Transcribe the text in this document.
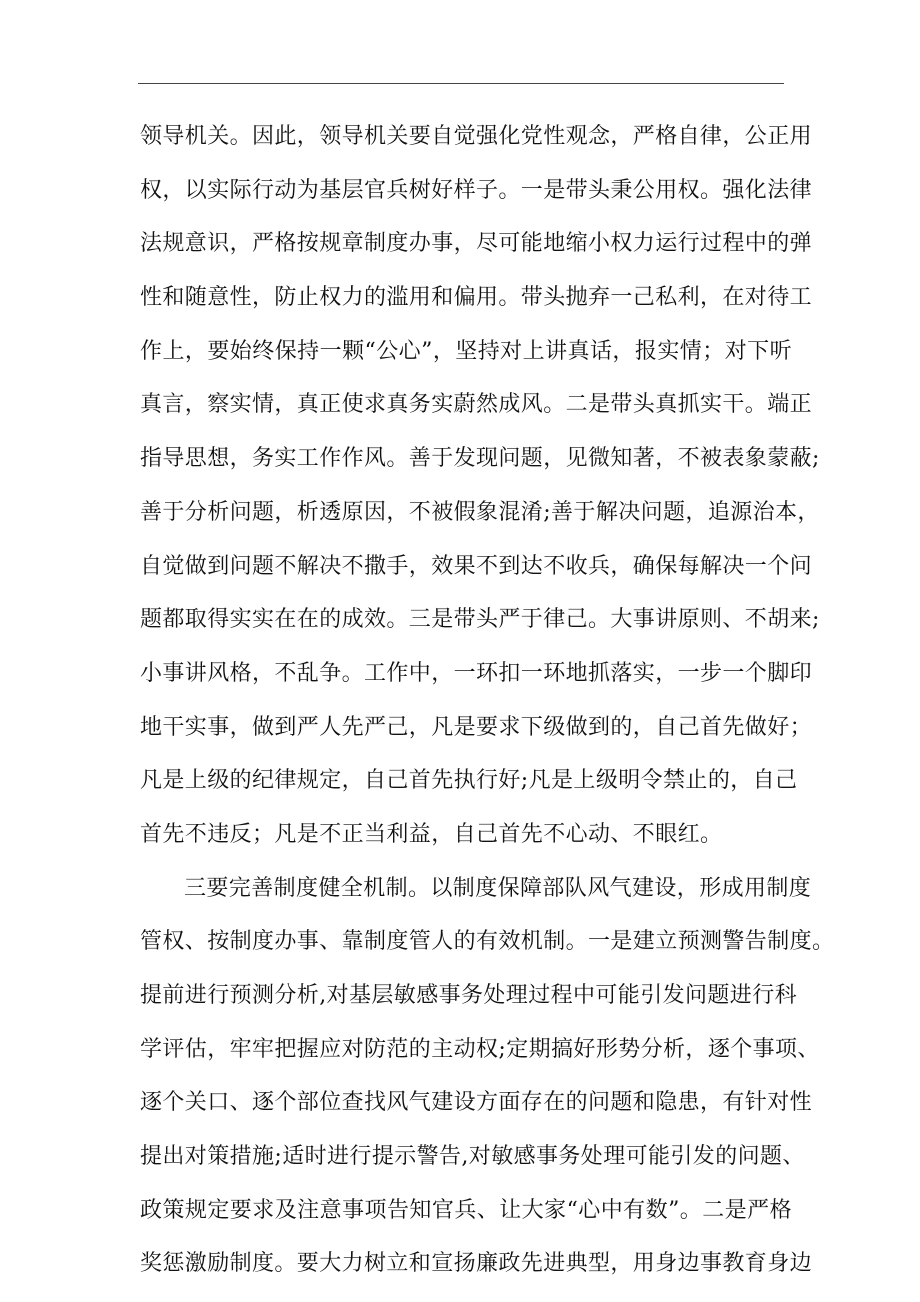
领导机关。因此，领导机关要自觉强化党性观念，严格自律，公正用
权，以实际行动为基层官兵树好样子。一是带头秉公用权。强化法律
法规意识，严格按规章制度办事，尽可能地缩小权力运行过程中的弹
性和随意性，防止权力的滥用和偏用。带头抛弃一己私利，在对待工
作上，要始终保持一颗“公心”，坚持对上讲真话，报实情；对下听
真言，察实情，真正使求真务实蔚然成风。二是带头真抓实干。端正
指导思想，务实工作作风。善于发现问题，见微知著，不被表象蒙蔽;
善于分析问题，析透原因，不被假象混淆;善于解决问题，追源治本，
自觉做到问题不解决不撒手，效果不到达不收兵，确保每解决一个问
题都取得实实在在的成效。三是带头严于律己。大事讲原则、不胡来;
小事讲风格，不乱争。工作中，一环扣一环地抓落实，一步一个脚印
地干实事，做到严人先严己，凡是要求下级做到的，自己首先做好；
凡是上级的纪律规定，自己首先执行好;凡是上级明令禁止的，自己
首先不违反；凡是不正当利益，自己首先不心动、不眼红。
三要完善制度健全机制。以制度保障部队风气建设，形成用制度
管权、按制度办事、靠制度管人的有效机制。一是建立预测警告制度。
提前进行预测分析,对基层敏感事务处理过程中可能引发问题进行科
学评估，牢牢把握应对防范的主动权;定期搞好形势分析，逐个事项、
逐个关口、逐个部位查找风气建设方面存在的问题和隐患，有针对性
提出对策措施;适时进行提示警告,对敏感事务处理可能引发的问题、
政策规定要求及注意事项告知官兵、让大家“心中有数”。二是严格
奖惩激励制度。要大力树立和宣扬廉政先进典型，用身边事教育身边
